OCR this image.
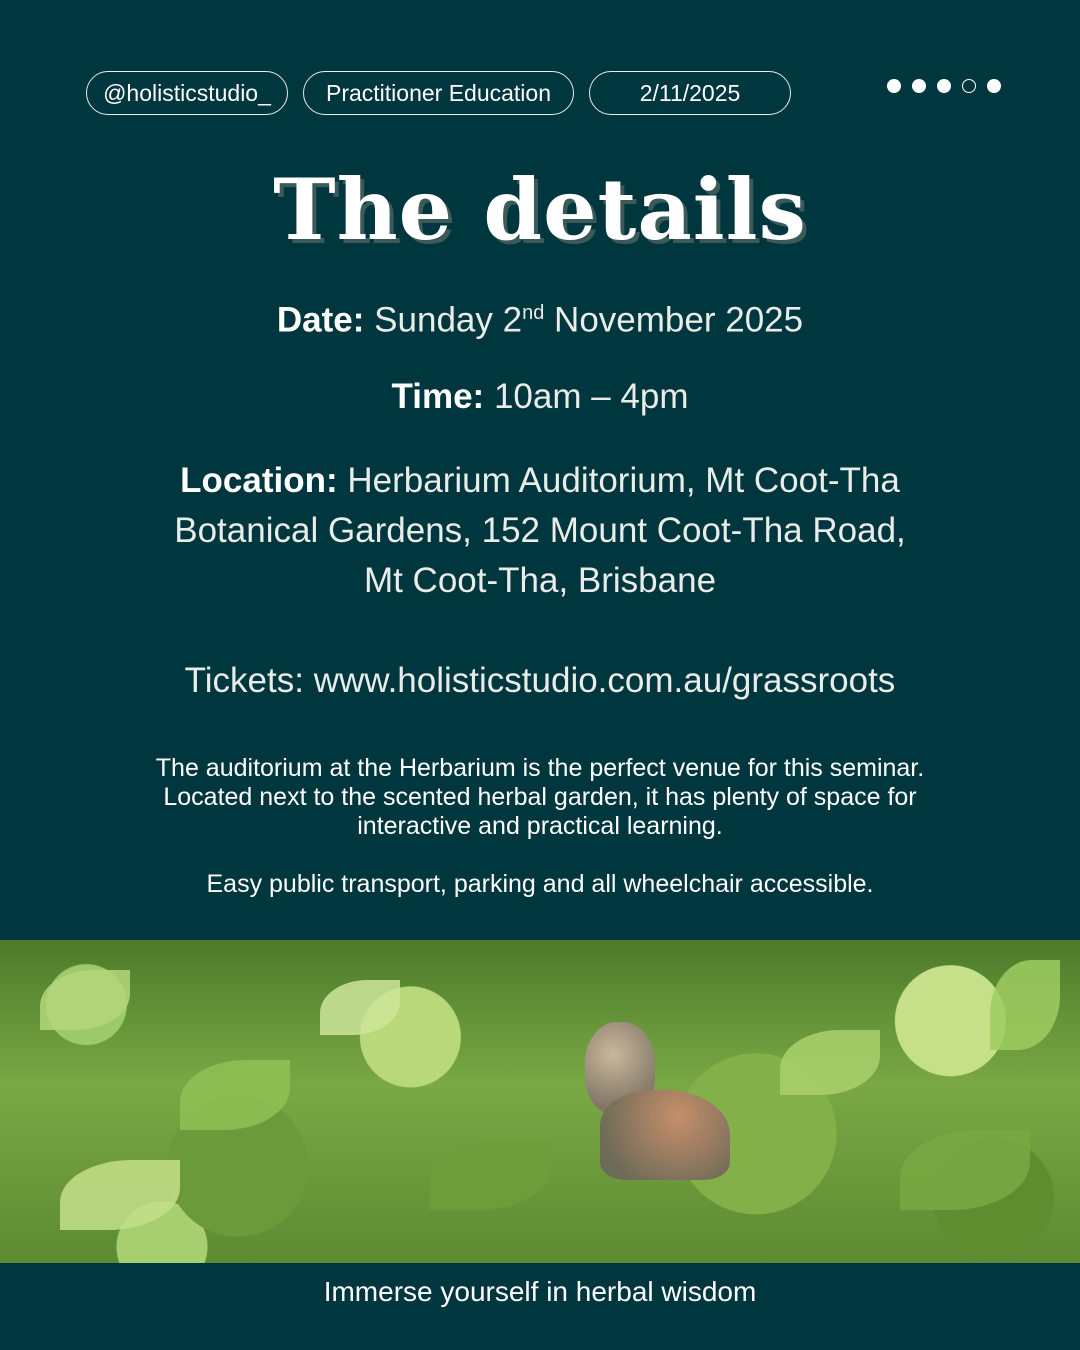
@holisticstudio_	Practitioner Education	2/11/2025
The details
Date: Sunday 2nd November 2025
Time: 10am – 4pm
Location: Herbarium Auditorium, Mt Coot-Tha
Botanical Gardens, 152 Mount Coot-Tha Road,
Mt Coot-Tha, Brisbane
Tickets: www.holisticstudio.com.au/grassroots
The auditorium at the Herbarium is the perfect venue for this seminar.
Located next to the scented herbal garden, it has plenty of space for
interactive and practical learning.
Easy public transport, parking and all wheelchair accessible.
Immerse yourself in herbal wisdom
